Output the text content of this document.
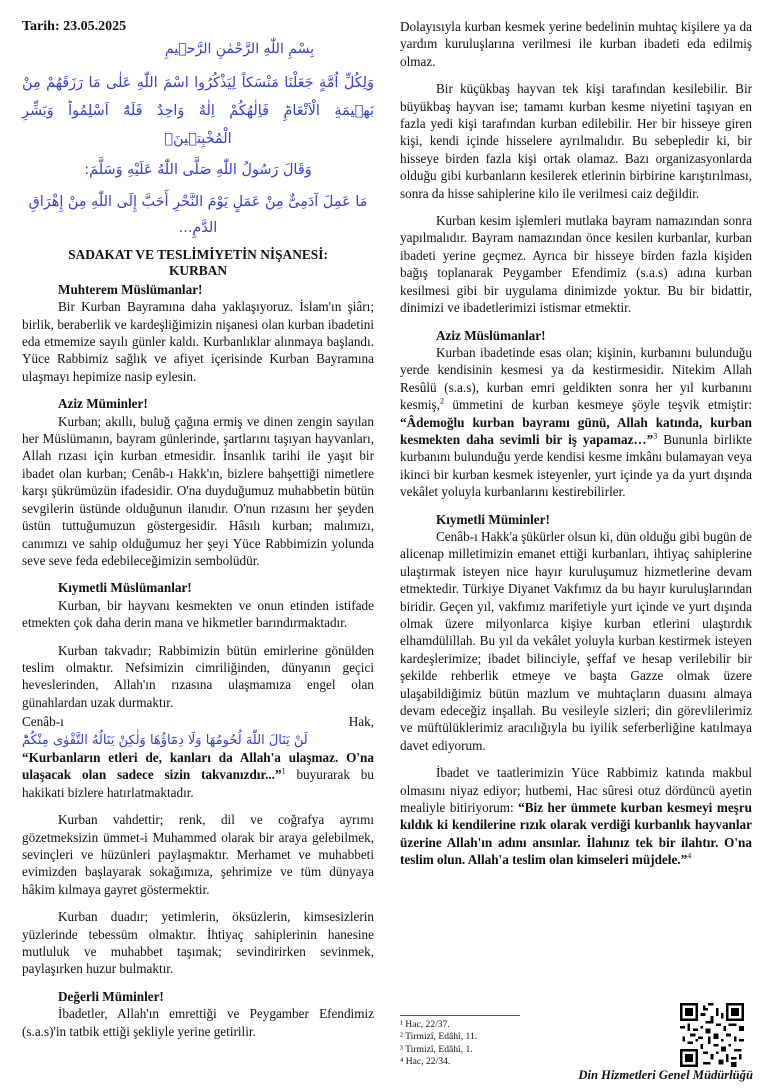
Tarih: 23.05.2025
بِسْمِ اللّٰهِ الرَّحْمٰنِ الرَّح۪يمِ
وَلِكُلِّ اُمَّةٍ جَعَلْنَا مَنْسَكاً لِيَذْكُرُوا اسْمَ اللّٰهِ عَلٰى مَا رَزَقَهُمْ مِنْ بَه۪يمَةِ الْاَنْعَامِؕ فَاِلٰهُكُمْ اِلٰهٌ وَاحِدٌ فَلَهُٓ اَسْلِمُواؕ وَبَشِّرِ الْمُخْبِت۪ينَۙ
وَقَالَ رَسُولُ اللّٰهِ صَلَّى اللّٰهُ عَلَيْهِ وَسَلَّمَ:
مَا عَمِلَ آدَمِىٌّ مِنْ عَمَلٍ يَوْمَ النَّحْرِ أَحَبَّ إِلَى اللّٰهِ مِنْ إِهْرَاقِ الدَّمِ...
SADAKAT VE TESLİMİYETİN NİŞANESİ:
KURBAN
Muhterem Müslümanlar!

Bir Kurban Bayramına daha yaklaşıyoruz. İslam'ın şiârı; birlik, beraberlik ve kardeşliğimizin nişanesi olan kurban ibadetini eda etmemize sayılı günler kaldı. Kurbanlıklar alınmaya başlandı. Yüce Rabbimiz sağlık ve afiyet içerisinde Kurban Bayramına ulaşmayı hepimize nasip eylesin.

Aziz Müminler!

Kurban; akıllı, buluğ çağına ermiş ve dinen zengin sayılan her Müslümanın, bayram günlerinde, şartlarını taşıyan hayvanları, Allah rızası için kurban etmesidir. İnsanlık tarihi ile yaşıt bir ibadet olan kurban; Cenâb-ı Hakk'ın, bizlere bahşettiği nimetlere karşı şükrümüzün ifadesidir. O'na duyduğumuz muhabbetin bütün sevgilerin üstünde olduğunun ilanıdır. O'nun rızasını her şeyden üstün tuttuğumuzun göstergesidir. Hâsılı kurban; malımızı, canımızı ve sahip olduğumuz her şeyi Yüce Rabbimizin yolunda seve seve feda edebileceğimizin sembolüdür.

Kıymetli Müslümanlar!

Kurban, bir hayvanı kesmekten ve onun etinden istifade etmekten çok daha derin mana ve hikmetler barındırmaktadır.

Kurban takvadır; Rabbimizin bütün emirlerine gönülden teslim olmaktır. Nefsimizin cimriliğinden, dünyanın geçici heveslerinden, Allah'ın rızasına ulaşmamıza engel olan günahlardan uzak durmaktır.

Cenâb-ı Hak, لَنْ يَنَالَ اللّٰهَ لُحُومُهَا وَلَا دِمَٓاؤُهَا وَلٰكِنْ يَنَالُهُ التَّقْوٰى مِنْكُمْؕ
“Kurbanların etleri de, kanları da Allah'a ulaşmaz. O'na ulaşacak olan sadece sizin takvanızdır...”$^1$ buyurarak bu hakikati bizlere hatırlatmaktadır.

Kurban vahdettir; renk, dil ve coğrafya ayrımı gözetmeksizin ümmet-i Muhammed olarak bir araya gelebilmek, sevinçleri ve hüzünleri paylaşmaktır. Merhamet ve muhabbeti evimizden başlayarak sokağımıza, şehrimize ve tüm dünyaya hâkim kılmaya gayret göstermektir.

Kurban duadır; yetimlerin, öksüzlerin, kimsesizlerin yüzlerinde tebessüm olmaktır. İhtiyaç sahiplerinin hanesine mutluluk ve muhabbet taşımak; sevindirirken sevinmek, paylaşırken huzur bulmaktır.

Değerli Müminler!

İbadetler, Allah'ın emrettiği ve Peygamber Efendimiz (s.a.s)'in tatbik ettiği şekliyle yerine getirilir.

Dolayısıyla kurban kesmek yerine bedelinin muhtaç kişilere ya da yardım kuruluşlarına verilmesi ile kurban ibadeti eda edilmiş olmaz.

Bir küçükbaş hayvan tek kişi tarafından kesilebilir. Bir büyükbaş hayvan ise; tamamı kurban kesme niyetini taşıyan en fazla yedi kişi tarafından kurban edilebilir. Her bir hisseye giren kişi, kendi içinde hisselere ayrılmalıdır. Bu sebepledir ki, bir hisseye birden fazla kişi ortak olamaz. Bazı organizasyonlarda olduğu gibi kurbanların kesilerek etlerinin birbirine karıştırılması, sonra da hisse sahiplerine kilo ile verilmesi caiz değildir.

Kurban kesim işlemleri mutlaka bayram namazından sonra yapılmalıdır. Bayram namazından önce kesilen kurbanlar, kurban ibadeti yerine geçmez. Ayrıca bir hisseye birden fazla kişiden bağış toplanarak Peygamber Efendimiz (s.a.s) adına kurban kesilmesi gibi bir uygulama dinimizde yoktur. Bu bir bidattir, dinimizi ve ibadetlerimizi istismar etmektir.

Aziz Müslümanlar!

Kurban ibadetinde esas olan; kişinin, kurbanını bulunduğu yerde kendisinin kesmesi ya da kestirmesidir. Nitekim Allah Resûlü (s.a.s), kurban emri geldikten sonra her yıl kurbanını kesmiş,$^2$ ümmetini de kurban kesmeye şöyle teşvik etmiştir: “Âdemoğlu kurban bayramı günü, Allah katında, kurban kesmekten daha sevimli bir iş yapamaz…”$^3$ Bununla birlikte kurbanını bulunduğu yerde kendisi kesme imkânı bulamayan veya ikinci bir kurban kesmek isteyenler, yurt içinde ya da yurt dışında vekâlet yoluyla kurbanlarını kestirebilirler.

Kıymetli Müminler!

Cenâb-ı Hakk'a şükürler olsun ki, dün olduğu gibi bugün de alicenap milletimizin emanet ettiği kurbanları, ihtiyaç sahiplerine ulaştırmak isteyen nice hayır kuruluşumuz hizmetlerine devam etmektedir. Türkiye Diyanet Vakfımız da bu hayır kuruluşlarından biridir. Geçen yıl, vakfımız marifetiyle yurt içinde ve yurt dışında olmak üzere milyonlarca kişiye kurban etlerini ulaştırdık elhamdülillah. Bu yıl da vekâlet yoluyla kurban kestirmek isteyen kardeşlerimize; ibadet bilinciyle, şeffaf ve hesap verilebilir bir şekilde rehberlik etmeye ve başta Gazze olmak üzere ulaşabildiğimiz bütün mazlum ve muhtaçların duasını almaya devam edeceğiz inşallah. Bu vesileyle sizleri; din görevlilerimiz ve müftülüklerimiz aracılığıyla bu iyilik seferberliğine katılmaya davet ediyorum.

İbadet ve taatlerimizin Yüce Rabbimiz katında makbul olmasını niyaz ediyor; hutbemi, Hac sûresi otuz dördüncü ayetin mealiyle bitiriyorum: “Biz her ümmete kurban kesmeyi meşru kıldık ki kendilerine rızık olarak verdiği kurbanlık hayvanlar üzerine Allah'ın adını ansınlar. İlahınız tek bir ilahtır. O'na teslim olun. Allah'a teslim olan kimseleri müjdele.”$^4$

¹ Hac, 22/37.
² Tirmizî, Edâhî, 11.
³ Tirmizî, Edâhî, 1.
⁴ Hac, 22/34.
Din Hizmetleri Genel Müdürlüğü
